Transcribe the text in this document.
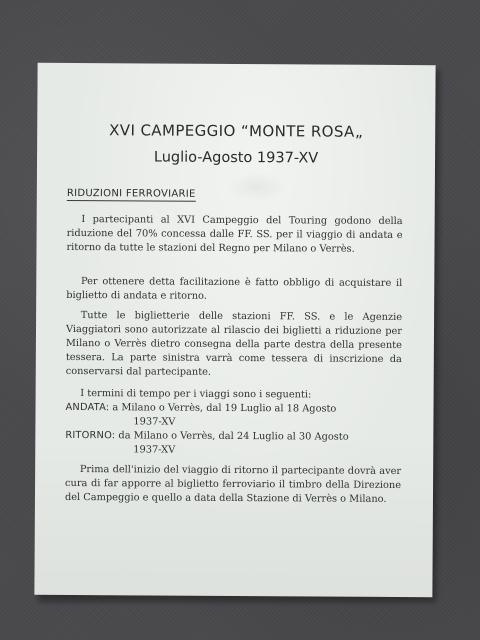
XVI CAMPEGGIO “MONTE ROSA„
Luglio-Agosto 1937-XV
RIDUZIONI FERROVIARIE

  I partecipanti al XVI Campeggio del Touring godono della riduzione del 70% concessa dalle FF. SS. per il viaggio di andata e ritorno da tutte le stazioni del Regno per Milano o Verrès.

  Per ottenere detta facilitazione è fatto obbligo di acquistare il biglietto di andata e ritorno.

  Tutte le biglietterie delle stazioni FF. SS. e le Agenzie Viaggiatori sono autorizzate al rilascio dei biglietti a riduzione per Milano o Verrès dietro consegna della parte destra della presente tessera. La parte sinistra varrà come tessera di inscrizione da conservarsi dal partecipante.

  I termini di tempo per i viaggi sono i seguenti:

ANDATA: a Milano o Verrès, dal 19 Luglio al 18 Agosto
1937-XV
RITORNO: da Milano o Verrès, dal 24 Luglio al 30 Agosto
1937-XV

  Prima dell'inizio del viaggio di ritorno il partecipante dovrà aver cura di far apporre al biglietto ferroviario il timbro della Direzione del Campeggio e quello a data della Stazione di Verrès o Milano.
